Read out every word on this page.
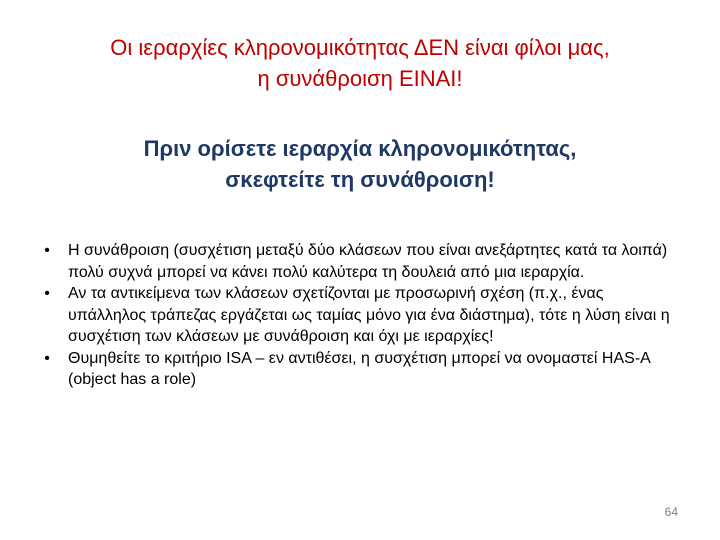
Οι ιεραρχίες κληρονομικότητας ΔΕΝ είναι φίλοι μας,
η συνάθροιση ΕΙΝΑΙ!
Πριν ορίσετε ιεραρχία κληρονομικότητας,
σκεφτείτε τη συνάθροιση!
• Η συνάθροιση (συσχέτιση μεταξύ δύο κλάσεων που είναι ανεξάρτητες κατά τα λοιπά) πολύ συχνά μπορεί να κάνει πολύ καλύτερα τη δουλειά από μια ιεραρχία.
• Αν τα αντικείμενα των κλάσεων σχετίζονται με προσωρινή σχέση (π.χ., ένας υπάλληλος τράπεζας εργάζεται ως ταμίας μόνο για ένα διάστημα), τότε η λύση είναι η συσχέτιση των κλάσεων με συνάθροιση και όχι με ιεραρχίες!
• Θυμηθείτε το κριτήριο ISA – εν αντιθέσει, η συσχέτιση μπορεί να ονομαστεί HAS-A (object has a role)
64
